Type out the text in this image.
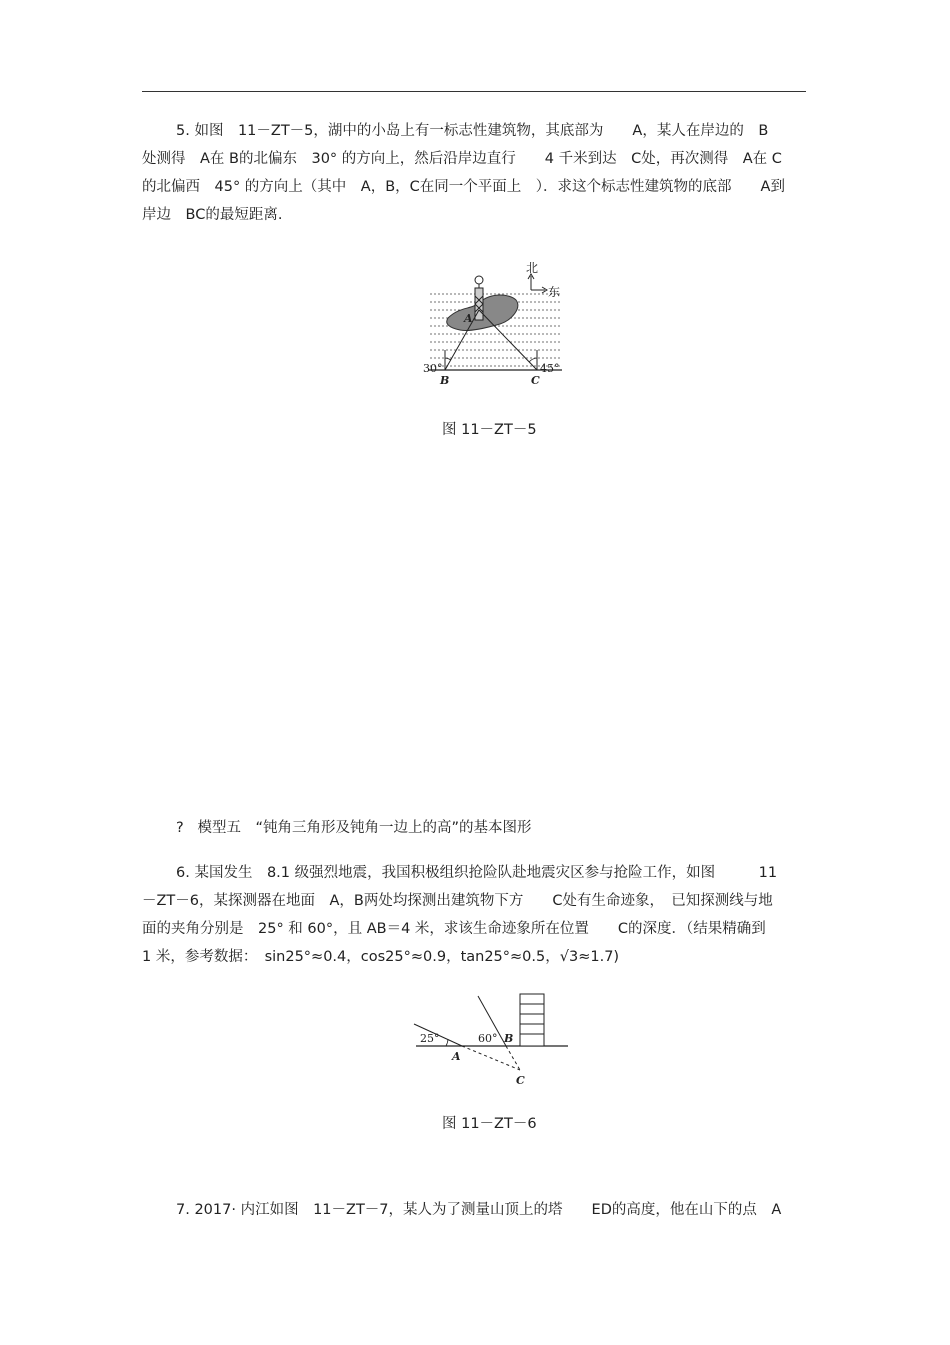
5. 如图　11－ZT－5，湖中的小岛上有一标志性建筑物，其底部为　　A，某人在岸边的　B
处测得　A在 B的北偏东　30° 的方向上，然后沿岸边直行　　4 千米到达　C处，再次测得　A在 C
的北偏西　45° 的方向上（其中　A，B，C在同一个平面上　）．求这个标志性建筑物的底部　　A到
岸边　BC的最短距离.
北
东
A
B	C
30°	45°
图 11－ZT－5
? 模型五　“钝角三角形及钝角一边上的高”的基本图形
6. 某国发生　8.1 级强烈地震，我国积极组织抢险队赴地震灾区参与抢险工作，如图　　　11
－ZT－6，某探测器在地面　A，B两处均探测出建筑物下方　　C处有生命迹象，　已知探测线与地
面的夹角分别是　25° 和 60°，且 AB＝4 米，求该生命迹象所在位置　　C的深度．（结果精确到
1 米，参考数据：　sin25°≈0.4，cos25°≈0.9，tan25°≈0.5，√3≈1.7)
25°	60°
A
B
C
图 11－ZT－6
7. 2017· 内江如图　11－ZT－7，某人为了测量山顶上的塔　　ED的高度，他在山下的点　A
